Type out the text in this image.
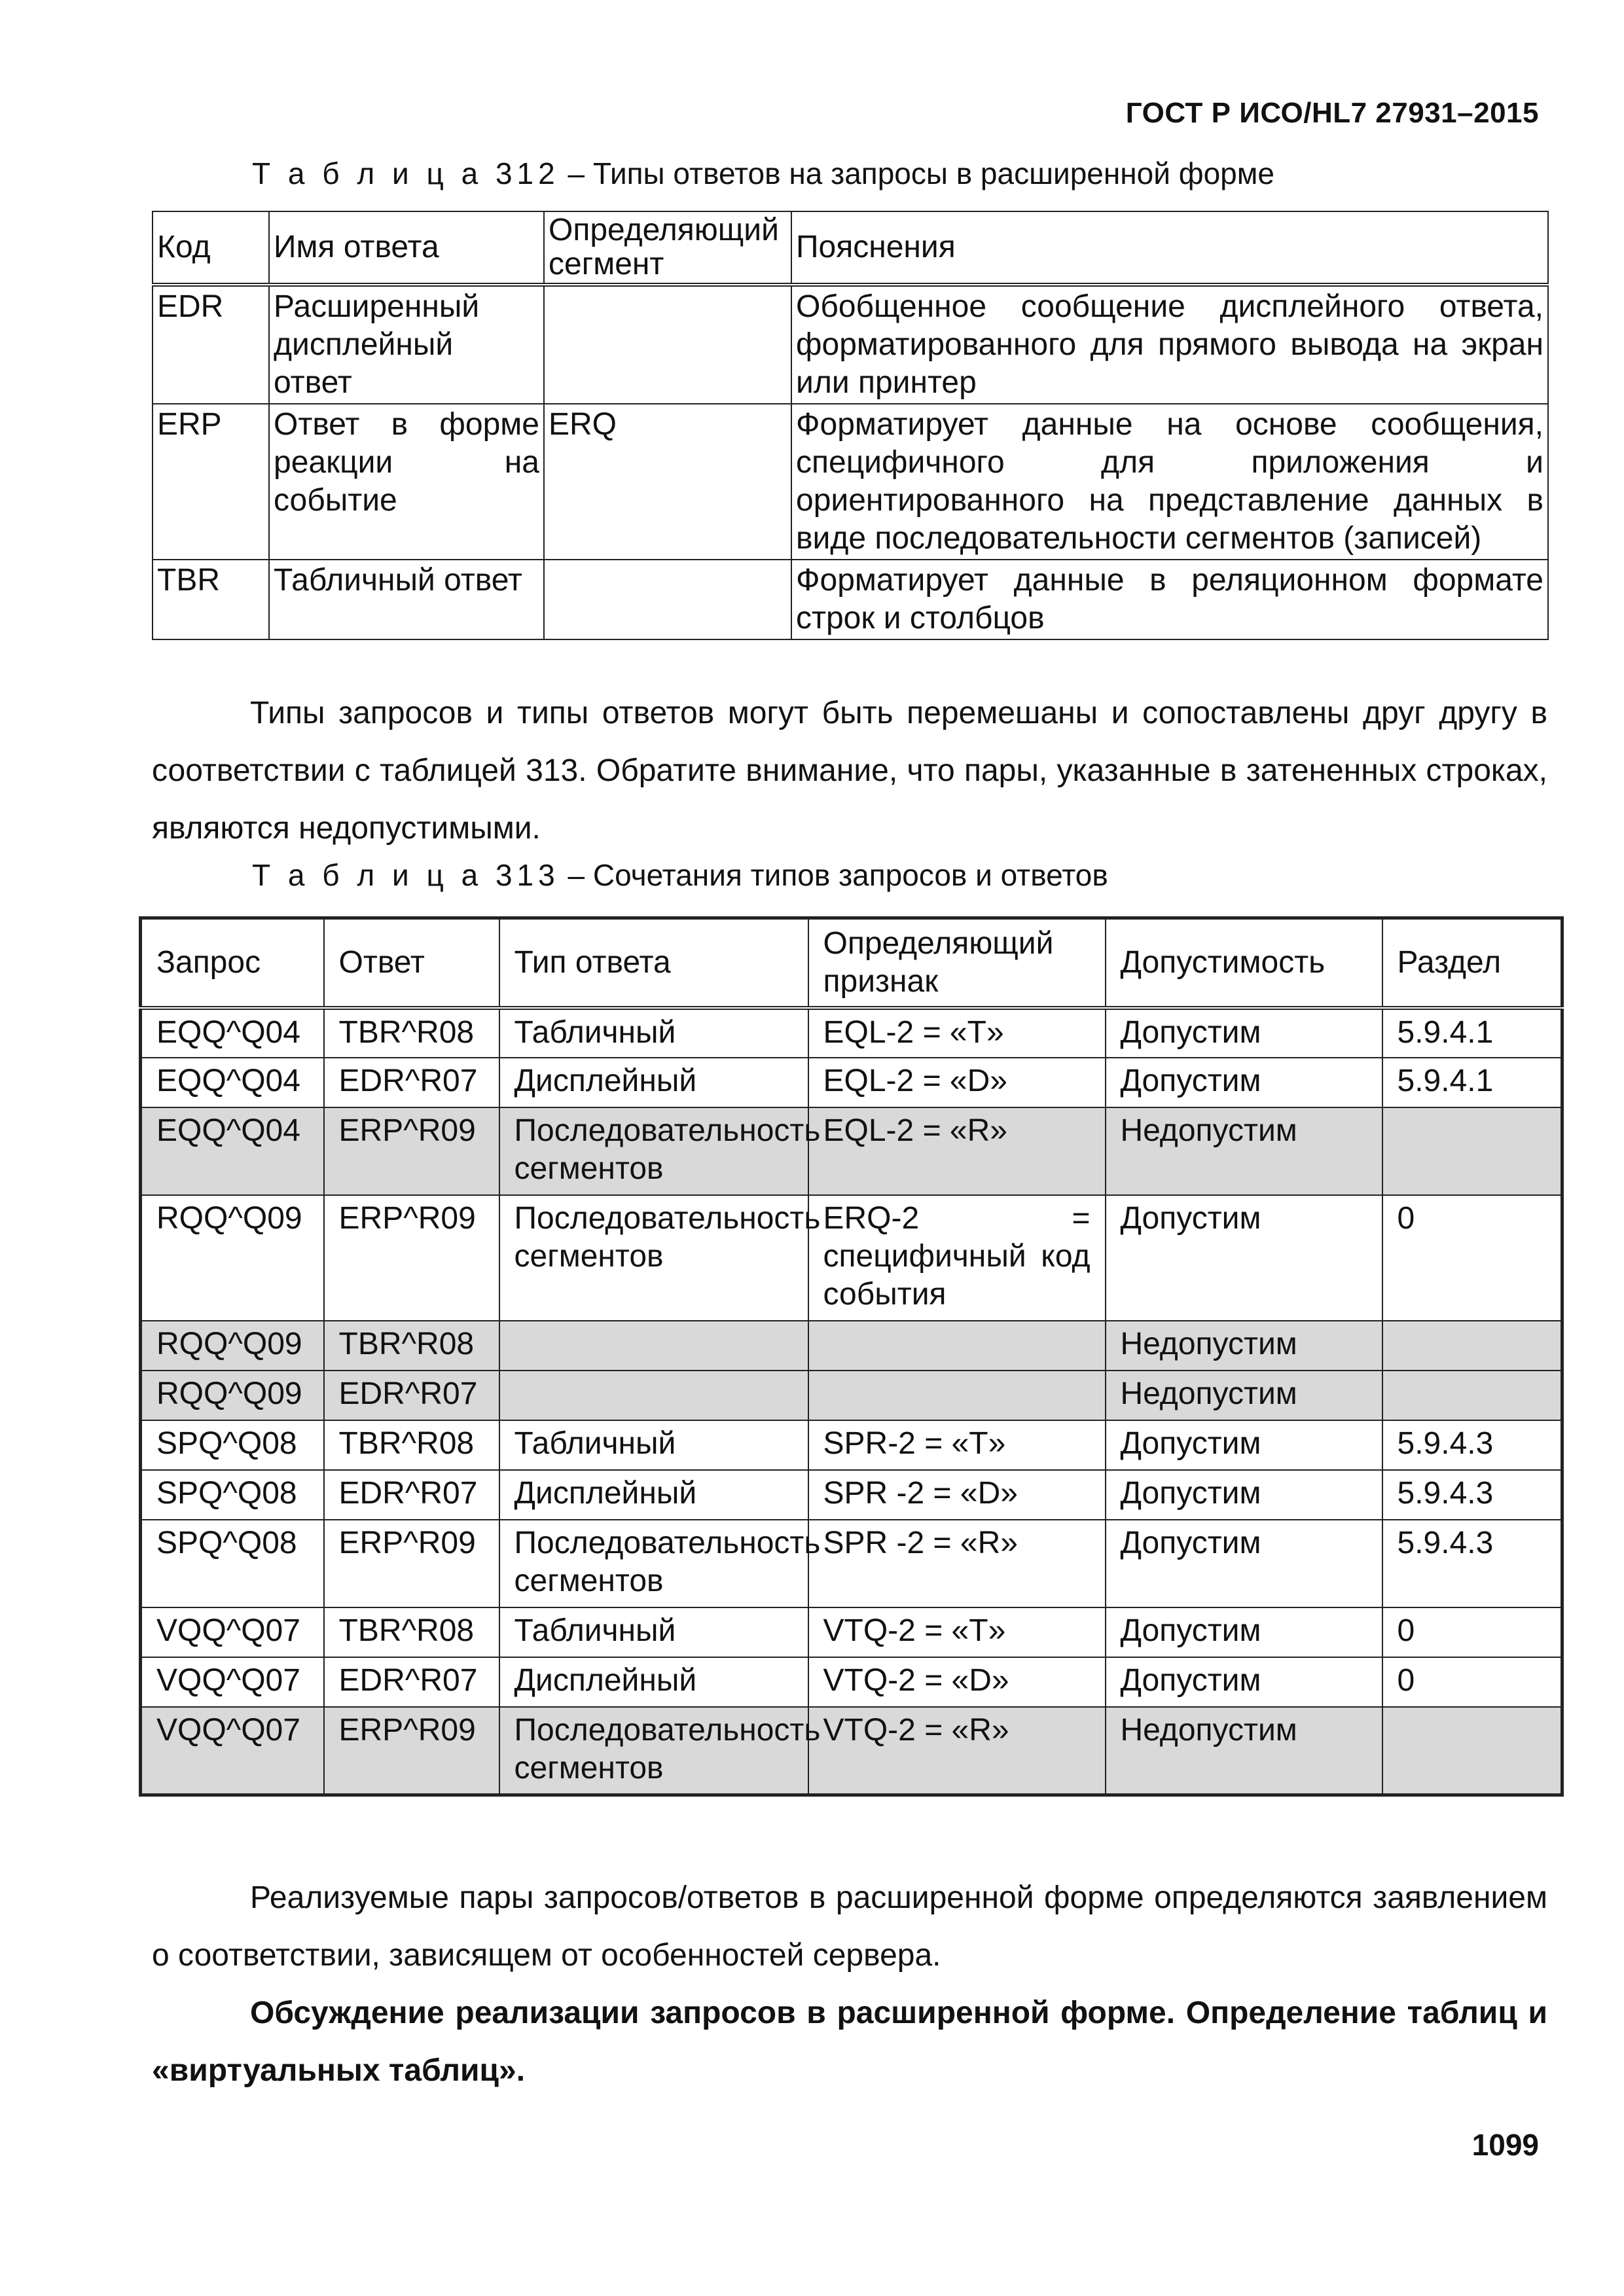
ГОСТ Р ИСО/HL7 27931–2015
Т а б л и ц а 312 – Типы ответов на запросы в расширенной форме
Код	Имя ответа	Определяющий сегмент	Пояснения
EDR	Расширенный дисплейный ответ		Обобщенное сообщение дисплейного ответа, форматированного для прямого вывода на экран или принтер
ERP	Ответ в форме реакции на событие	ERQ	Форматирует данные на основе сообщения, специфичного для приложения и ориентированного на представление данных в виде последовательности сегментов (записей)
TBR	Табличный ответ		Форматирует данные в реляционном формате строк и столбцов
Типы запросов и типы ответов могут быть перемешаны и сопоставлены друг другу в соответствии с таблицей 313. Обратите внимание, что пары, указанные в затененных строках, являются недопустимыми.
Т а б л и ц а 313 – Сочетания типов запросов и ответов
Запрос	Ответ	Тип ответа	Определяющий признак	Допустимость	Раздел
EQQ^Q04	TBR^R08	Табличный	EQL-2 = «T»	Допустим	5.9.4.1
EQQ^Q04	EDR^R07	Дисплейный	EQL-2 = «D»	Допустим	5.9.4.1
EQQ^Q04	ERP^R09	Последовательность сегментов	EQL-2 = «R»	Недопустим	
RQQ^Q09	ERP^R09	Последовательность сегментов	ERQ-2 = специфичный код события	Допустим	0
RQQ^Q09	TBR^R08			Недопустим	
RQQ^Q09	EDR^R07			Недопустим	
SPQ^Q08	TBR^R08	Табличный	SPR-2 = «T»	Допустим	5.9.4.3
SPQ^Q08	EDR^R07	Дисплейный	SPR -2 = «D»	Допустим	5.9.4.3
SPQ^Q08	ERP^R09	Последовательность сегментов	SPR -2 = «R»	Допустим	5.9.4.3
VQQ^Q07	TBR^R08	Табличный	VTQ-2 = «T»	Допустим	0
VQQ^Q07	EDR^R07	Дисплейный	VTQ-2 = «D»	Допустим	0
VQQ^Q07	ERP^R09	Последовательность сегментов	VTQ-2 = «R»	Недопустим	
Реализуемые пары запросов/ответов в расширенной форме определяются заявлением о соответствии, зависящем от особенностей сервера.
Обсуждение реализации запросов в расширенной форме. Определение таблиц и «виртуальных таблиц».
1099
